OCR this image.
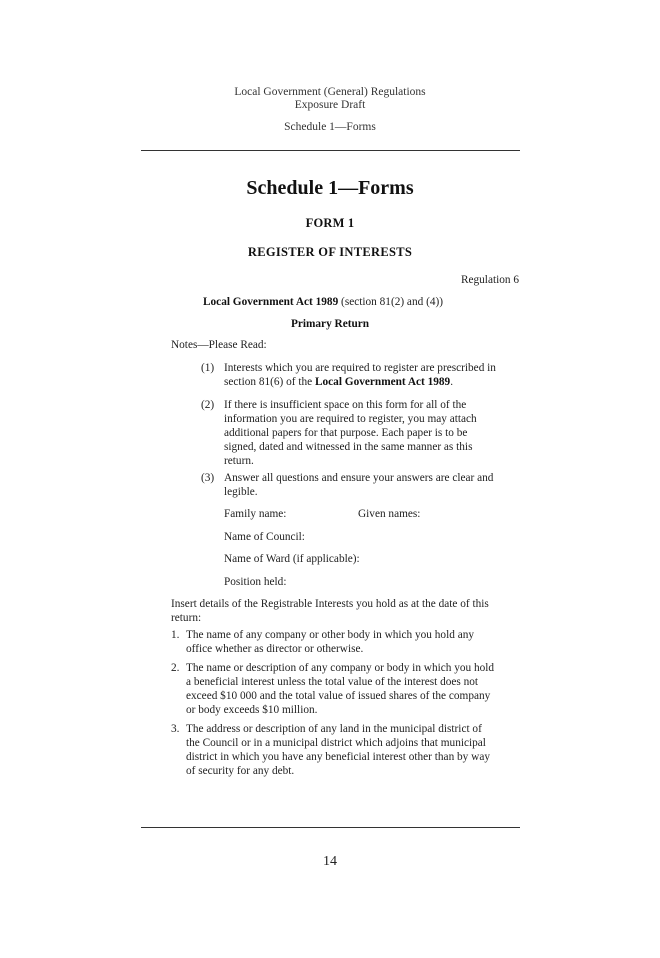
Local Government (General) Regulations
Exposure Draft
Schedule 1—Forms
Schedule 1—Forms
FORM 1
REGISTER OF INTERESTS
Regulation 6
Local Government Act 1989 (section 81(2) and (4))
Primary Return
Notes—Please Read:
(1) Interests which you are required to register are prescribed in
section 81(6) of the Local Government Act 1989.
(2) If there is insufficient space on this form for all of the
information you are required to register, you may attach
additional papers for that purpose. Each paper is to be
signed, dated and witnessed in the same manner as this
return.
(3) Answer all questions and ensure your answers are clear and
legible.
Family name:	Given names:
Name of Council:
Name of Ward (if applicable):
Position held:
Insert details of the Registrable Interests you hold as at the date of this
return:
1. The name of any company or other body in which you hold any
office whether as director or otherwise.
2. The name or description of any company or body in which you hold
a beneficial interest unless the total value of the interest does not
exceed $10 000 and the total value of issued shares of the company
or body exceeds $10 million.
3. The address or description of any land in the municipal district of
the Council or in a municipal district which adjoins that municipal
district in which you have any beneficial interest other than by way
of security for any debt.
14
